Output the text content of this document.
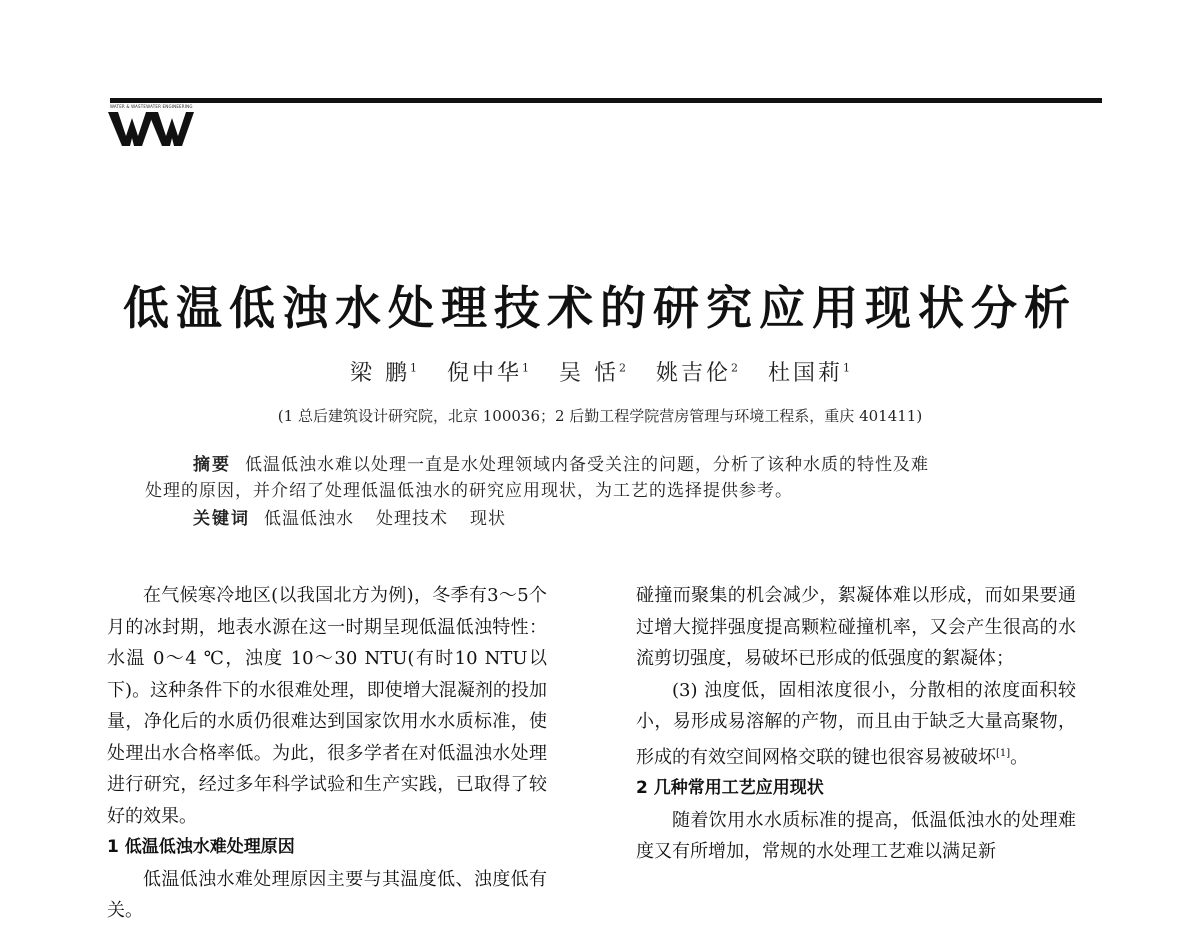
WATER & WASTEWATER ENGINEERING
低温低浊水处理技术的研究应用现状分析
梁 鹏$^1$ 倪中华$^1$ 吴 恬$^2$ 姚吉伦$^2$ 杜国莉$^1$
(1 总后建筑设计研究院，北京 100036；2 后勤工程学院营房管理与环境工程系，重庆 401411)
摘要 低温低浊水难以处理一直是水处理领域内备受关注的问题，分析了该种水质的特性及难
处理的原因，并介绍了处理低温低浊水的研究应用现状，为工艺的选择提供参考。
关键词 低温低浊水 处理技术 现状

在气候寒冷地区(以我国北方为例)，冬季有3～5个月的冰封期，地表水源在这一时期呈现低温低浊特性：水温 0～4 ℃，浊度 10～30 NTU(有时10 NTU以下)。这种条件下的水很难处理，即使增大混凝剂的投加量，净化后的水质仍很难达到国家饮用水水质标准，使处理出水合格率低。为此，很多学者在对低温浊水处理进行研究，经过多年科学试验和生产实践，已取得了较好的效果。

1 低温低浊水难处理原因

低温低浊水难处理原因主要与其温度低、浊度低有关。

碰撞而聚集的机会减少，絮凝体难以形成，而如果要通过增大搅拌强度提高颗粒碰撞机率，又会产生很高的水流剪切强度，易破坏已形成的低强度的絮凝体；

(3) 浊度低，固相浓度很小，分散相的浓度面积较小，易形成易溶解的产物，而且由于缺乏大量高聚物，形成的有效空间网格交联的键也很容易被破坏[1]。

2 几种常用工艺应用现状

随着饮用水水质标准的提高，低温低浊水的处理难度又有所增加，常规的水处理工艺难以满足新
